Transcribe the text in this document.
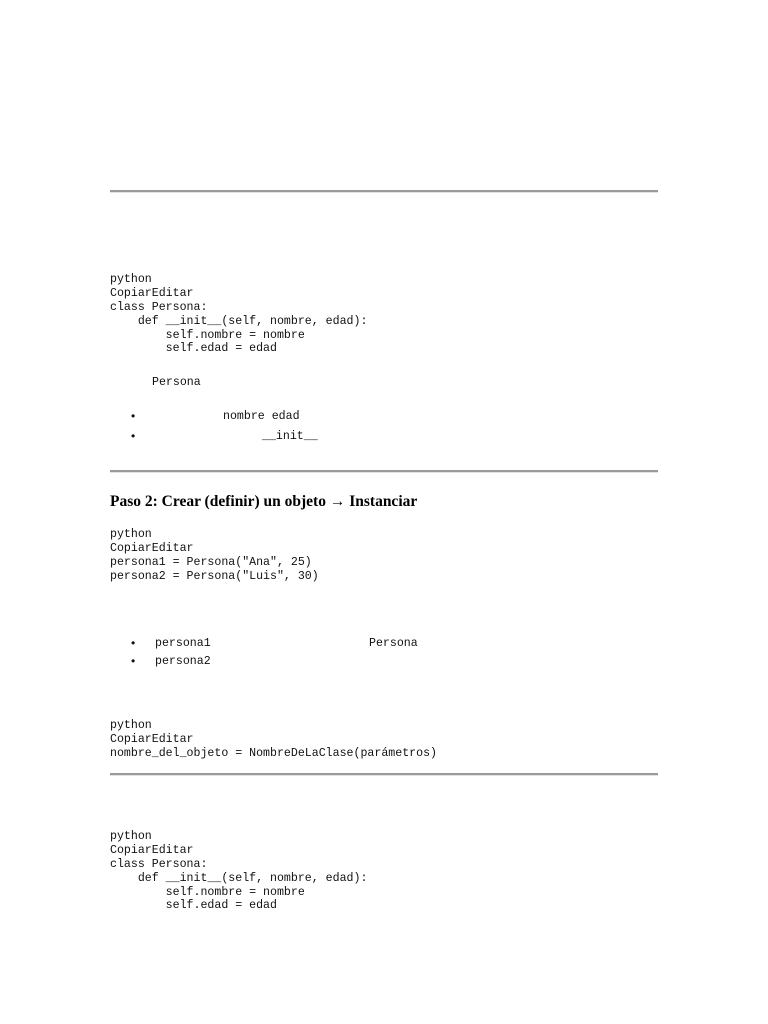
python
CopiarEditar
class Persona:
def __init__(self, nombre, edad):
self.nombre = nombre
self.edad = edad
Persona
•	nombre edad
•	__init__
Paso 2: Crear (definir) un objeto → Instanciar
python
CopiarEditar
persona1 = Persona("Ana", 25)
persona2 = Persona("Luis", 30)
• persona1	Persona
• persona2
python
CopiarEditar
nombre_del_objeto = NombreDeLaClase(parámetros)
python
CopiarEditar
class Persona:
def __init__(self, nombre, edad):
self.nombre = nombre
self.edad = edad
